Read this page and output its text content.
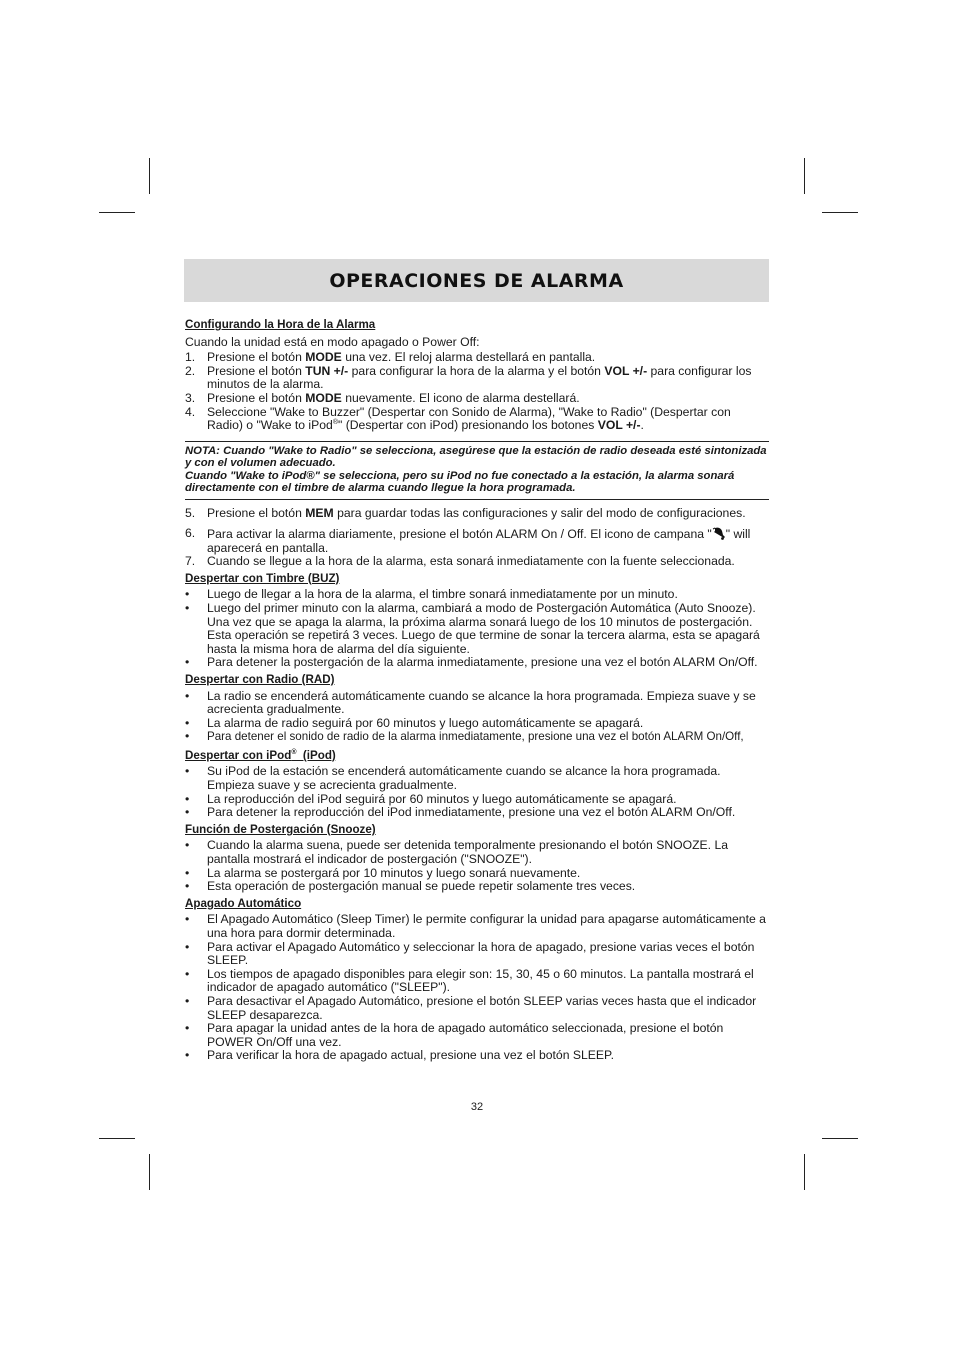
OPERACIONES DE ALARMA

Configurando la Hora de la Alarma

Cuando la unidad está en modo apagado o Power Off:
1. Presione el botón MODE una vez. El reloj alarma destellará en pantalla.
2. Presione el botón TUN +/- para configurar la hora de la alarma y el botón VOL +/- para configurar los minutos de la alarma.
3. Presione el botón MODE nuevamente. El icono de alarma destellará.
4. Seleccione "Wake to Buzzer" (Despertar con Sonido de Alarma), "Wake to Radio" (Despertar con Radio) o "Wake to iPod®" (Despertar con iPod) presionando los botones VOL +/-.
NOTA: Cuando "Wake to Radio" se selecciona, asegúrese que la estación de radio deseada esté sintonizada y con el volumen adecuado.
Cuando "Wake to iPod®" se selecciona, pero su iPod no fue conectado a la estación, la alarma sonará directamente con el timbre de alarma cuando llegue la hora programada.
5. Presione el botón MEM para guardar todas las configuraciones y salir del modo de configuraciones.
6. Para activar la alarma diariamente, presione el botón ALARM On / Off. El icono de campana " " will aparecerá en pantalla.
7. Cuando se llegue a la hora de la alarma, esta sonará inmediatamente con la fuente seleccionada.

Despertar con Timbre (BUZ)

•	Luego de llegar a la hora de la alarma, el timbre sonará inmediatamente por un minuto.
•	Luego del primer minuto con la alarma, cambiará a modo de Postergación Automática (Auto Snooze). Una vez que se apaga la alarma, la próxima alarma sonará luego de los 10 minutos de postergación. Esta operación se repetirá 3 veces. Luego de que termine de sonar la tercera alarma, esta se apagará hasta la misma hora de alarma del día siguiente.
•	Para detener la postergación de la alarma inmediatamente, presione una vez el botón ALARM On/Off.

Despertar con Radio (RAD)

•	La radio se encenderá automáticamente cuando se alcance la hora programada. Empieza suave y se acrecienta gradualmente.
•	La alarma de radio seguirá por 60 minutos y luego automáticamente se apagará.
•	Para detener el sonido de radio de la alarma inmediatamente, presione una vez el botón ALARM On/Off,

Despertar con iPod®  (iPod)

•	Su iPod de la estación se encenderá automáticamente cuando se alcance la hora programada. Empieza suave y se acrecienta gradualmente.
•	La reproducción del iPod seguirá por 60 minutos y luego automáticamente se apagará.
•	Para detener la reproducción del iPod inmediatamente, presione una vez el botón ALARM On/Off.

Función de Postergación (Snooze)

•	Cuando la alarma suena, puede ser detenida temporalmente presionando el botón SNOOZE. La pantalla mostrará el indicador de postergación ("SNOOZE").
•	La alarma se postergará por 10 minutos y luego sonará nuevamente.
•	Esta operación de postergación manual se puede repetir solamente tres veces.

Apagado Automático

•	El Apagado Automático (Sleep Timer) le permite configurar la unidad para apagarse automáticamente a una hora para dormir determinada.
•	Para activar el Apagado Automático y seleccionar la hora de apagado, presione varias veces el botón SLEEP.
•	Los tiempos de apagado disponibles para elegir son: 15, 30, 45 o 60 minutos. La pantalla mostrará el indicador de apagado automático ("SLEEP").
•	Para desactivar el Apagado Automático, presione el botón SLEEP varias veces hasta que el indicador SLEEP desaparezca.
•	Para apagar la unidad antes de la hora de apagado automático seleccionada, presione el botón POWER On/Off una vez.
•	Para verificar la hora de apagado actual, presione una vez el botón SLEEP.
32
